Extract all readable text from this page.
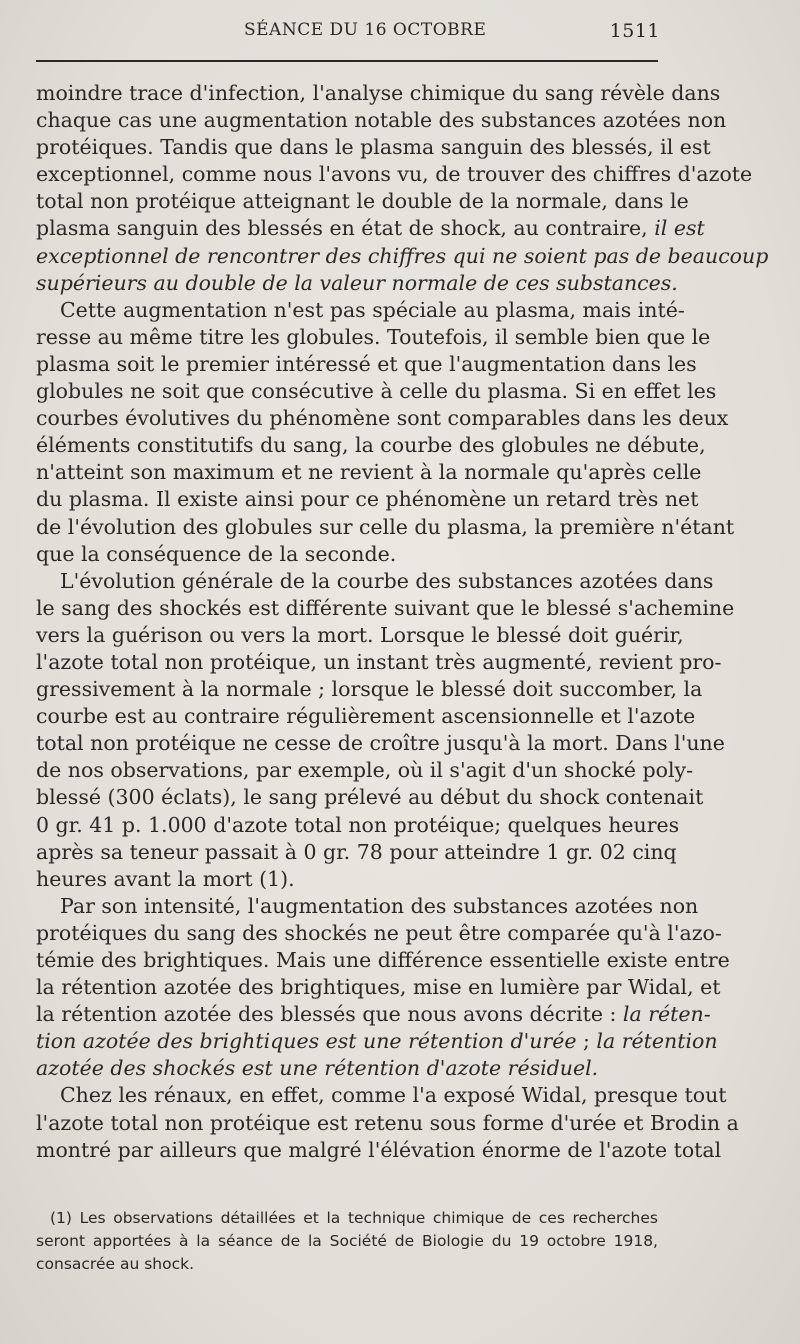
SÉANCE DU 16 OCTOBRE	1511
moindre trace d'infection, l'analyse chimique du sang révèle dans
chaque cas une augmentation notable des substances azotées non
protéiques. Tandis que dans le plasma sanguin des blessés, il est
exceptionnel, comme nous l'avons vu, de trouver des chiffres d'azote
total non protéique atteignant le double de la normale, dans le
plasma sanguin des blessés en état de shock, au contraire, il est
exceptionnel de rencontrer des chiffres qui ne soient pas de beaucoup
supérieurs au double de la valeur normale de ces substances.
Cette augmentation n'est pas spéciale au plasma, mais inté-
resse au même titre les globules. Toutefois, il semble bien que le
plasma soit le premier intéressé et que l'augmentation dans les
globules ne soit que consécutive à celle du plasma. Si en effet les
courbes évolutives du phénomène sont comparables dans les deux
éléments constitutifs du sang, la courbe des globules ne débute,
n'atteint son maximum et ne revient à la normale qu'après celle
du plasma. Il existe ainsi pour ce phénomène un retard très net
de l'évolution des globules sur celle du plasma, la première n'étant
que la conséquence de la seconde.
L'évolution générale de la courbe des substances azotées dans
le sang des shockés est différente suivant que le blessé s'achemine
vers la guérison ou vers la mort. Lorsque le blessé doit guérir,
l'azote total non protéique, un instant très augmenté, revient pro-
gressivement à la normale ; lorsque le blessé doit succomber, la
courbe est au contraire régulièrement ascensionnelle et l'azote
total non protéique ne cesse de croître jusqu'à la mort. Dans l'une
de nos observations, par exemple, où il s'agit d'un shocké poly-
blessé (300 éclats), le sang prélevé au début du shock contenait
0 gr. 41 p. 1.000 d'azote total non protéique; quelques heures
après sa teneur passait à 0 gr. 78 pour atteindre 1 gr. 02 cinq
heures avant la mort (1).
Par son intensité, l'augmentation des substances azotées non
protéiques du sang des shockés ne peut être comparée qu'à l'azo-
témie des brightiques. Mais une différence essentielle existe entre
la rétention azotée des brightiques, mise en lumière par Widal, et
la rétention azotée des blessés que nous avons décrite : la réten-
tion azotée des brightiques est une rétention d'urée ; la rétention
azotée des shockés est une rétention d'azote résiduel.
Chez les rénaux, en effet, comme l'a exposé Widal, presque tout
l'azote total non protéique est retenu sous forme d'urée et Brodin a
montré par ailleurs que malgré l'élévation énorme de l'azote total
(1) Les observations détaillées et la technique chimique de ces recherches
seront apportées à la séance de la Société de Biologie du 19 octobre 1918,
consacrée au shock.
